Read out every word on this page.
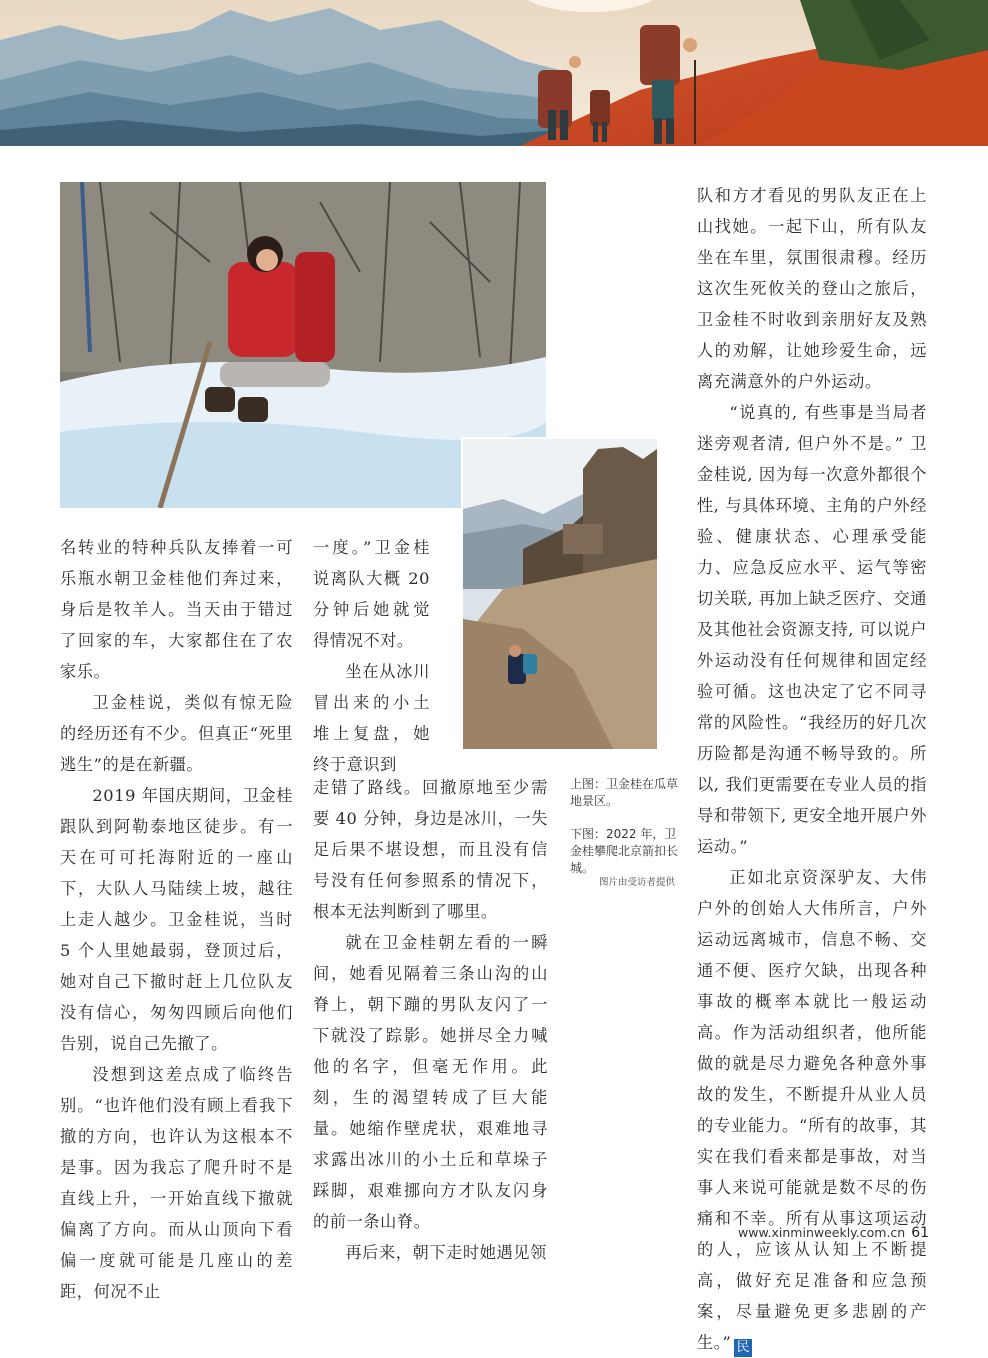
名转业的特种兵队友捧着一可乐瓶水朝卫金桂他们奔过来，身后是牧羊人。当天由于错过了回家的车，大家都住在了农家乐。

卫金桂说，类似有惊无险的经历还有不少。但真正“死里逃生”的是在新疆。

2019 年国庆期间，卫金桂跟队到阿勒泰地区徒步。有一天在可可托海附近的一座山下，大队人马陆续上坡，越往上走人越少。卫金桂说，当时 5 个人里她最弱，登顶过后，她对自己下撤时赶上几位队友没有信心，匆匆四顾后向他们告别，说自己先撤了。

没想到这差点成了临终告别。“也许他们没有顾上看我下撤的方向，也许认为这根本不是事。因为我忘了爬升时不是直线上升，一开始直线下撤就偏离了方向。而从山顶向下看偏一度就可能是几座山的差距，何况不止

一度。”卫金桂说离队大概 20 分钟后她就觉得情况不对。

坐在从冰川冒出来的小土堆上复盘，她终于意识到

走错了路线。回撤原地至少需要 40 分钟，身边是冰川，一失足后果不堪设想，而且没有信号没有任何参照系的情况下，根本无法判断到了哪里。

就在卫金桂朝左看的一瞬间，她看见隔着三条山沟的山脊上，朝下蹦的男队友闪了一下就没了踪影。她拼尽全力喊他的名字，但毫无作用。此刻，生的渴望转成了巨大能量。她缩作壁虎状，艰难地寻求露出冰川的小土丘和草垛子踩脚，艰难挪向方才队友闪身的前一条山脊。

再后来，朝下走时她遇见领

队和方才看见的男队友正在上山找她。一起下山，所有队友坐在车里，氛围很肃穆。经历这次生死攸关的登山之旅后，卫金桂不时收到亲朋好友及熟人的劝解，让她珍爱生命，远离充满意外的户外运动。

“说真的, 有些事是当局者迷旁观者清, 但户外不是。” 卫金桂说, 因为每一次意外都很个性, 与具体环境、主角的户外经验、健康状态、心理承受能力、应急反应水平、运气等密切关联, 再加上缺乏医疗、交通及其他社会资源支持, 可以说户外运动没有任何规律和固定经验可循。这也决定了它不同寻常的风险性。“我经历的好几次历险都是沟通不畅导致的。所以, 我们更需要在专业人员的指导和带领下, 更安全地开展户外运动。”

正如北京资深驴友、大伟户外的创始人大伟所言，户外运动远离城市，信息不畅、交通不便、医疗欠缺，出现各种事故的概率本就比一般运动高。作为活动组织者，他所能做的就是尽力避免各种意外事故的发生，不断提升从业人员的专业能力。“所有的故事，其实在我们看来都是事故，对当事人来说可能就是数不尽的伤痛和不幸。所有从事这项运动的人，应该从认知上不断提高，做好充足准备和应急预案，尽量避免更多悲剧的产生。” 民

上图：卫金桂在瓜草地景区。
下图：2022 年，卫金桂攀爬北京箭扣长城。
图片由受访者提供
www.xinminweekly.com.cn 61
